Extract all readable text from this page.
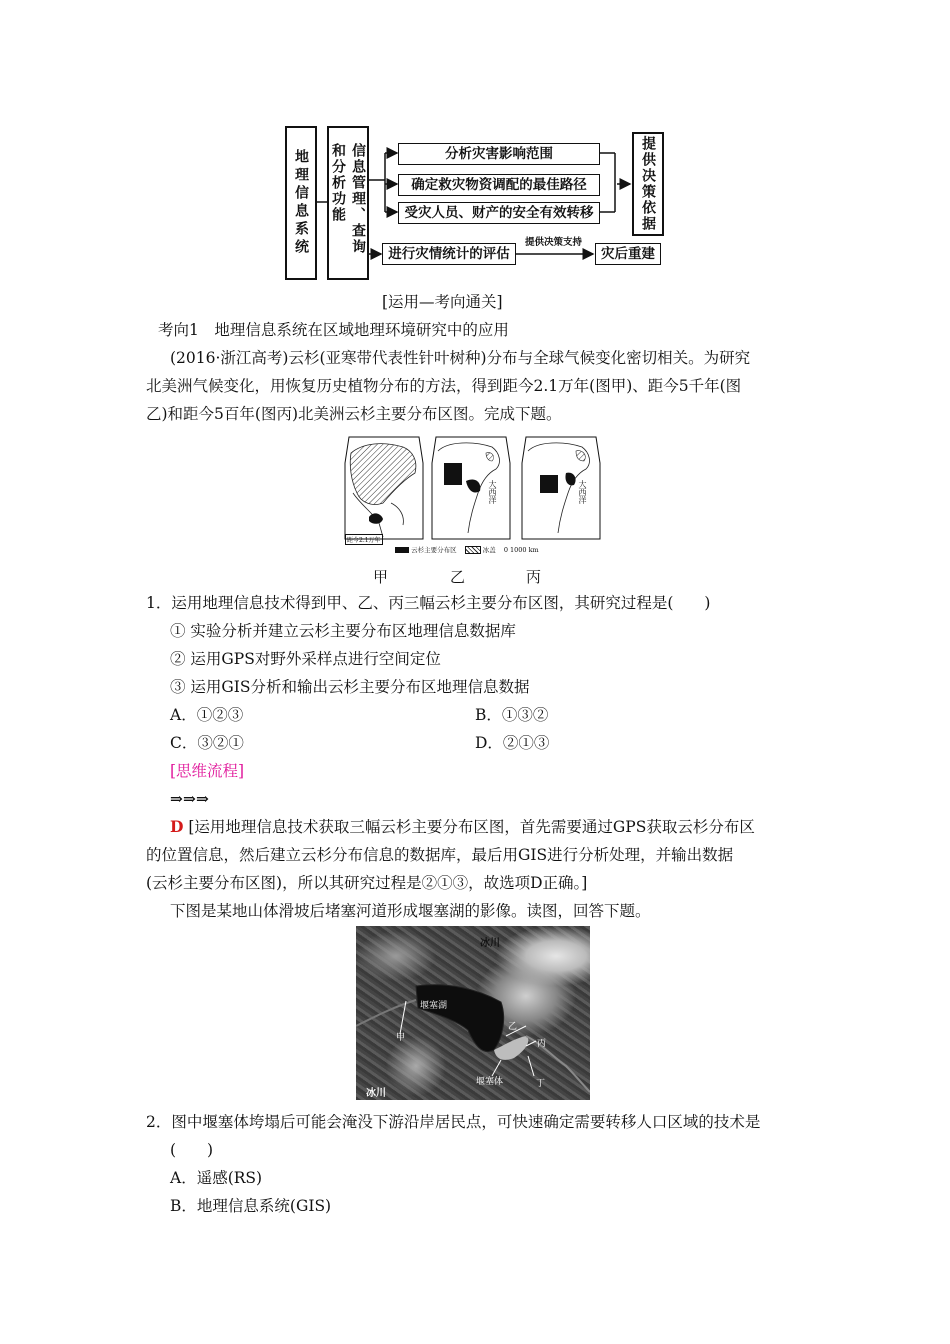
地理信息系统	信息管理、查询和分析功能	分析灾害影响范围
确定救灾物资调配的最佳路径
受灾人员、财产的安全有效转移
进行灾情统计的评估
提供决策支持
灾后重建
提供决策依据
[运用—考向通关]
考向1　地理信息系统在区域地理环境研究中的应用
(2016·浙江高考)云杉(亚寒带代表性针叶树种)分布与全球气候变化密切相关。为研究
北美洲气候变化，用恢复历史植物分布的方法，得到距今2.1万年(图甲)、距今5千年(图
乙)和距今5百年(图丙)北美洲云杉主要分布区图。完成下题。
大西洋	大西洋
距今2.1万年
云杉主要分布区	冰盖 0 1000 km
甲	乙	丙
1．运用地理信息技术得到甲、乙、丙三幅云杉主要分布区图，其研究过程是(　　)
① 实验分析并建立云杉主要分布区地理信息数据库
② 运用GPS对野外采样点进行空间定位
③ 运用GIS分析和输出云杉主要分布区地理信息数据
A．①②③	B．①③②
C．③②①	D．②①③
[思维流程]
⇒⇒⇒
D [运用地理信息技术获取三幅云杉主要分布区图，首先需要通过GPS获取云杉分布区
的位置信息，然后建立云杉分布信息的数据库，最后用GIS进行分析处理，并输出数据
(云杉主要分布区图)，所以其研究过程是②①③，故选项D正确。]
下图是某地山体滑坡后堵塞河道形成堰塞湖的影像。读图，回答下题。
冰川
堰塞湖
甲
乙
丙
堰塞体	丁
冰川
2．图中堰塞体垮塌后可能会淹没下游沿岸居民点，可快速确定需要转移人口区域的技术是
(　　)
A．遥感(RS)
B．地理信息系统(GIS)
